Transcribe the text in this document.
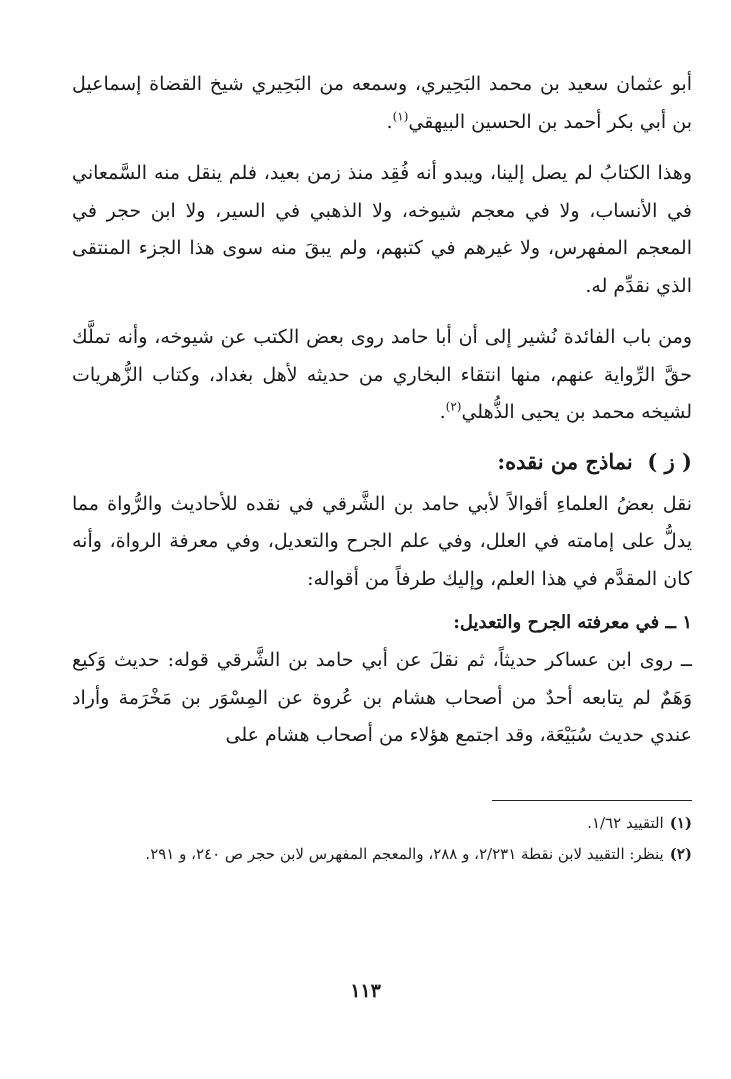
أبو عثمان سعيد بن محمد البَحِيري، وسمعه من البَحِيري شيخ القضاة إسماعيل بن أبي بكر أحمد بن الحسين البيهقي$^{(١)}$.

وهذا الكتابُ لم يصل إلينا، ويبدو أنه فُقِد منذ زمن بعيد، فلم ينقل منه السَّمعاني في الأنساب، ولا في معجم شيوخه، ولا الذهبي في السير، ولا ابن حجر في المعجم المفهرس، ولا غيرهم في كتبهم، ولم يبقَ منه سوى هذا الجزء المنتقى الذي نقدِّم له.

ومن باب الفائدة نُشير إلى أن أبا حامد روى بعض الكتب عن شيوخه، وأنه تملَّك حقَّ الرِّواية عنهم، منها انتقاء البخاري من حديثه لأهل بغداد، وكتاب الزُّهريات لشيخه محمد بن يحيى الذُّهلي$^{(٢)}$.

( ز )  نماذج من نقده:

نقل بعضُ العلماءِ أقوالاً لأبي حامد بن الشَّرقي في نقده للأحاديث والرُّواة مما يدلُّ على إمامته في العلل، وفي علم الجرح والتعديل، وفي معرفة الرواة، وأنه كان المقدَّم في هذا العلم، وإليك طرفاً من أقواله:

١ ــ في معرفته الجرح والتعديل:

ــ روى ابن عساكر حديثاً، ثم نقلَ عن أبي حامد بن الشَّرقي قوله: حديث وَكيع وَهَمٌ لم يتابعه أحدٌ من أصحاب هشام بن عُروة عن المِسْوَر بن مَخْرَمة وأراد عندي حديث سُبَيْعَة، وقد اجتمع هؤلاء من أصحاب هشام على

(١)التقييد ١/٦٢.

(٢)ينظر: التقييد لابن نقطة ٢/٢٣١، و ٢٨٨، والمعجم المفهرس لابن حجر ص ٢٤٠، و ٢٩١.

١١٣
